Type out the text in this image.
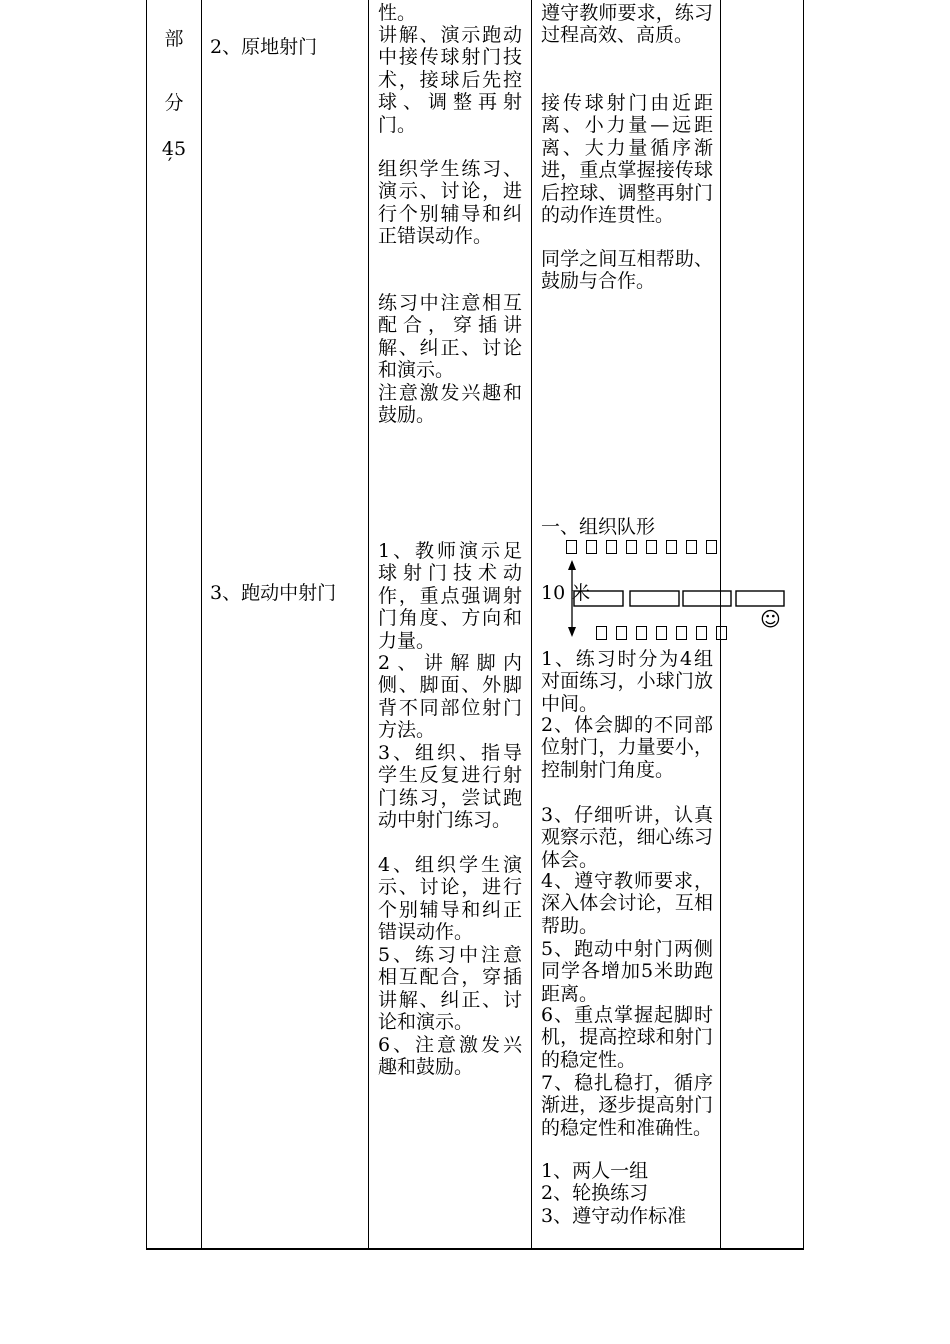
部
分
45
′
2、原地射门
性。
讲解、演示跑动中接传球射门技术，接球后先控球、调整再射门。
组织学生练习、演示、讨论，进行个别辅导和纠正错误动作。
练习中注意相互配合，穿插讲解、纠正、讨论和演示。
注意激发兴趣和鼓励。
遵守教师要求，练习过程高效、高质。
接传球射门由近距离、小力量—远距离、大力量循序渐进，重点掌握接传球后控球、调整再射门的动作连贯性。
同学之间互相帮助、鼓励与合作。
3、跑动中射门
1、教师演示足球射门技术动作，重点强调射门角度、方向和力量。
2、讲解脚内侧、脚面、外脚背不同部位射门方法。
3、组织、指导学生反复进行射门练习，尝试跑动中射门练习。
4、组织学生演示、讨论，进行个别辅导和纠正错误动作。
5、练习中注意相互配合，穿插讲解、纠正、讨论和演示。
6、注意激发兴趣和鼓励。
一、组织队形
10 米
☺
1、练习时分为4组对面练习，小球门放中间。
2、体会脚的不同部位射门，力量要小，控制射门角度。
3、仔细听讲，认真观察示范，细心练习体会。
4、遵守教师要求，深入体会讨论，互相帮助。
5、跑动中射门两侧同学各增加5米助跑距离。
6、重点掌握起脚时机，提高控球和射门的稳定性。
7、稳扎稳打，循序渐进，逐步提高射门的稳定性和准确性。
1、两人一组
2、轮换练习
3、遵守动作标准
